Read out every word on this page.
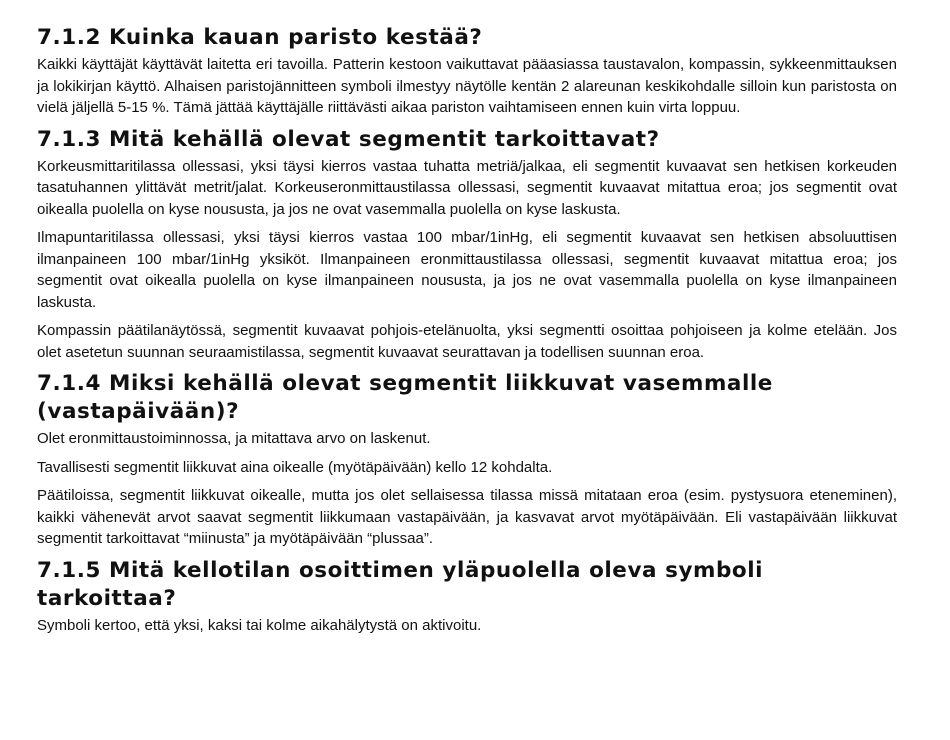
7.1.2 Kuinka kauan paristo kestää?

Kaikki käyttäjät käyttävät laitetta eri tavoilla. Patterin kestoon vaikuttavat pääasiassa taustavalon, kompassin, sykkeenmittauksen ja lokikirjan käyttö. Alhaisen paristojännitteen symboli ilmestyy näytölle kentän 2 alareunan keskikohdalle silloin kun paristosta on vielä jäljellä 5-15 %. Tämä jättää käyttäjälle riittävästi aikaa pariston vaihtamiseen ennen kuin virta loppuu.

7.1.3 Mitä kehällä olevat segmentit tarkoittavat?

Korkeusmittaritilassa ollessasi, yksi täysi kierros vastaa tuhatta metriä/jalkaa, eli segmentit kuvaavat sen hetkisen korkeuden tasatuhannen ylittävät metrit/jalat. Korkeuseronmittaustilassa ollessasi, segmentit kuvaavat mitattua eroa; jos segmentit ovat oikealla puolella on kyse noususta, ja jos ne ovat vasemmalla puolella on kyse laskusta.

Ilmapuntaritilassa ollessasi, yksi täysi kierros vastaa 100 mbar/1inHg, eli segmentit kuvaavat sen hetkisen absoluuttisen ilmanpaineen 100 mbar/1inHg yksiköt. Ilmanpaineen eronmittaustilassa ollessasi, segmentit kuvaavat mitattua eroa; jos segmentit ovat oikealla puolella on kyse ilmanpaineen noususta, ja jos ne ovat vasemmalla puolella on kyse ilmanpaineen laskusta.

Kompassin päätilanäytössä, segmentit kuvaavat pohjois-etelänuolta, yksi segmentti osoittaa pohjoiseen ja kolme etelään. Jos olet asetetun suunnan seuraamistilassa, segmentit kuvaavat seurattavan ja todellisen suunnan eroa.

7.1.4 Miksi kehällä olevat segmentit liikkuvat vasemmalle (vastapäivään)?

Olet eronmittaustoiminnossa, ja mitattava arvo on laskenut.

Tavallisesti segmentit liikkuvat aina oikealle (myötäpäivään) kello 12 kohdalta.

Päätiloissa, segmentit liikkuvat oikealle, mutta jos olet sellaisessa tilassa missä mitataan eroa (esim. pystysuora eteneminen), kaikki vähenevät arvot saavat segmentit liikkumaan vastapäivään, ja kasvavat arvot myötäpäivään. Eli vastapäivään liikkuvat segmentit tarkoittavat “miinusta” ja myötäpäivään “plussaa”.

7.1.5 Mitä kellotilan osoittimen yläpuolella oleva symboli tarkoittaa?

Symboli kertoo, että yksi, kaksi tai kolme aikahälytystä on aktivoitu.
